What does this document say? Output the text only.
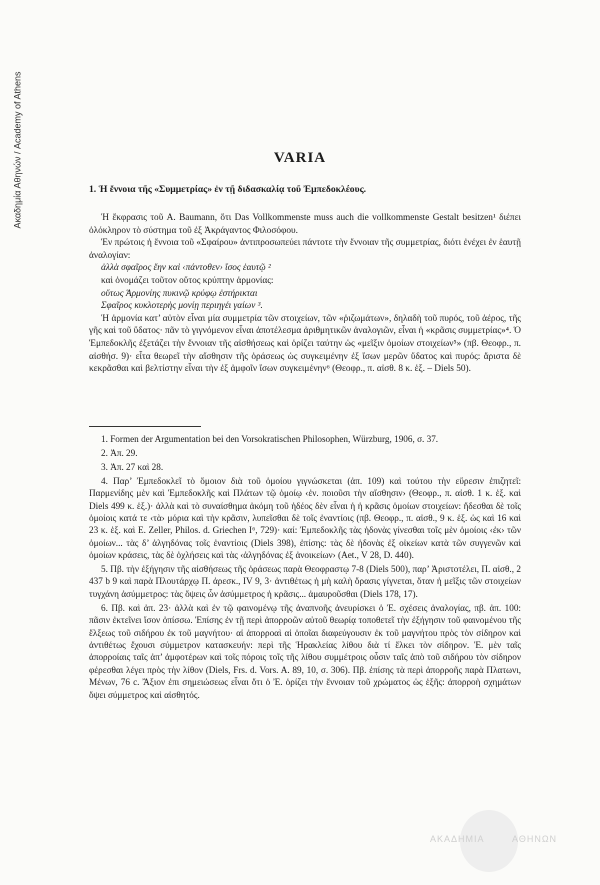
Ακαδημία Αθηνών / Academy of Athens	VARIA
1. Ἡ ἔννοια τῆς «Συμμετρίας» ἐν τῇ διδασκαλίᾳ τοῦ Ἐμπεδοκλέους.

Ἡ ἔκφρασις τοῦ A. Baumann, ὅτι Das Vollkommenste muss auch die vollkommenste Gestalt besitzen¹ διέπει ὁλόκληρον τὸ σύστημα τοῦ ἐξ Ἀκράγαντος Φιλοσόφου.

Ἐν πρώτοις ἡ ἔννοια τοῦ «Σφαίρου» ἀντιπροσωπεύει πάντοτε τὴν ἔννοιαν τῆς συμμετρίας, διότι ἐνέχει ἐν ἑαυτῇ ἀναλογίαν:

ἀλλὰ σφαῖρος ἔην καὶ ‹πάντοθεν› ἴσος ἑαυτῷ ²

καὶ ὀνομάζει τοῦτον οὕτος κρύπτην ἁρμονίας:

οὕτως Ἁρμονίης πυκινῷ κρύφῳ ἐστήρικται

Σφαῖρος κυκλοτερὴς μονίῃ περιηγέι γαίων ³.

Ἡ ἁρμονία κατ’ αὐτὸν εἶναι μία συμμετρία τῶν στοιχείων, τῶν «ῥιζωμάτων», δηλαδὴ τοῦ πυρός, τοῦ ἀέρος, τῆς γῆς καὶ τοῦ ὕδατος· πᾶν τὸ γιγνόμενον εἶναι ἀποτέλεσμα ἀριθμητικῶν ἀναλογιῶν, εἶναι ἡ «κρᾶσις συμμετρίας»⁴. Ὁ Ἐμπεδοκλῆς ἐξετάζει τὴν ἔννοιαν τῆς αἰσθήσεως καὶ ὁρίζει ταύτην ὡς «μεῖξιν ὁμοίων στοιχείων⁵» (πβ. Θεοφρ., π. αἰσθήσ. 9)· εἶτα θεωρεῖ τὴν αἴσθησιν τῆς ὁράσεως ὡς συγκειμένην ἐξ ἴσων μερῶν ὕδατος καὶ πυρός: ἄριστα δὲ κεκρᾶσθαι καὶ βελτίστην εἶναι τὴν ἐξ ἀμφοῖν ἴσων συγκειμένην⁶ (Θεοφρ., π. αἰσθ. 8 κ. ἑξ. – Diels 50).

1. Formen der Argumentation bei den Vorsokratischen Philosophen, Würzburg, 1906, σ. 37.

2. Ἀπ. 29.

3. Ἀπ. 27 καὶ 28.

4. Παρ’ Ἐμπεδοκλεῖ τὸ ὅμοιον διὰ τοῦ ὁμοίου γιγνώσκεται (ἀπ. 109) καὶ τούτου τὴν εὕρεσιν ἐπιζητεῖ: Παρμενίδης μὲν καὶ Ἐμπεδοκλῆς καὶ Πλάτων τῷ ὁμοίῳ ‹ἐν. ποιοῦσι τὴν αἴσθησιν› (Θεοφρ., π. αἰσθ. 1 κ. ἑξ. καὶ Diels 499 κ. ἑξ.)· ἀλλὰ καὶ τὸ συναίσθημα ἀκόμη τοῦ ἡδέος δὲν εἶναι ἡ ἡ κρᾶσις ὁμοίων στοιχείων: ἥδεσθαι δὲ τοῖς ὁμοίοις κατά τε ‹τὰ› μόρια καὶ τὴν κρᾶσιν, λυπεῖσθαι δὲ τοῖς ἐναντίοις (πβ. Θεοφρ., π. αἰσθ., 9 κ. ἑξ. ὡς καὶ 16 καὶ 23 κ. ἑξ. καὶ E. Zeller, Philos. d. Griechen I⁶, 729)· καί: Ἐμπεδοκλῆς τὰς ἡδονὰς γίνεσθαι τοῖς μὲν ὁμοίοις ‹ἐκ› τῶν ὁμοίων... τὰς δ’ ἀλγηδόνας τοῖς ἐναντίοις (Diels 398), ἐπίσης: τὰς δὲ ἡδονὰς ἐξ οἰκείων κατὰ τῶν συγγενῶν καὶ ὁμοίων κράσεις, τὰς δὲ ὀχλήσεις καὶ τὰς ‹ἀλγηδόνας ἐξ ἀνοικείων› (Aet., V 28, D. 440).

5. Πβ. τὴν ἐξήγησιν τῆς αἰσθήσεως τῆς ὁράσεως παρὰ Θεοφραστῳ 7-8 (Diels 500), παρ’ Ἀριστοτέλει, Π. αἰσθ., 2 437 b 9 καὶ παρὰ Πλουτάρχῳ Π. ἀρεσκ., IV 9, 3· ἀντιθέτως ἡ μὴ καλὴ ὅρασις γίγνεται, ὅταν ἡ μεῖξις τῶν στοιχείων τυγχάνη ἀσύμμετρος: τὰς ὄψεις ὧν ἀσύμμετρος ἡ κρᾶσις... ἀμαυροῦσθαι (Diels 178, 17).

6. Πβ. καὶ ἀπ. 23· ἀλλὰ καὶ ἐν τῷ φαινομένῳ τῆς ἀναπνοῆς ἀνευρίσκει ὁ Ἐ. σχέσεις ἀναλογίας, πβ. ἀπ. 100: πᾶσιν ἐκτεῖνει ἴσον ὀπίσσω. Ἐπίσης ἐν τῇ περὶ ἀπορροῶν αὐτοῦ θεωρίᾳ τοποθετεῖ τὴν ἐξήγησιν τοῦ φαινομένου τῆς ἕλξεως τοῦ σιδήρου ἐκ τοῦ μαγνήτου· αἱ ἀπορροαὶ αἱ ὁποῖαι διαφεύγουσιν ἐκ τοῦ μαγνήτου πρὸς τὸν σίδηρον καὶ ἀντιθέτως ἔχουσι σύμμετρον κατασκευήν: περὶ τῆς Ἡρακλείας λίθου διὰ τί ἕλκει τὸν σίδηρον. Ἐ. μὲν ταῖς ἀπορροίαις ταῖς ἀπ’ ἀμφοτέρων καὶ τοῖς πόροις τοῖς τῆς λίθου συμμέτροις οὖσιν ταῖς ἀπὸ τοῦ σιδήρου τὸν σίδηρον φέρεσθαι λέγει πρὸς τὴν λίθον (Diels, Frs. d. Vors. A. 89, 10, σ. 306). Πβ. ἐπίσης τὰ περὶ ἀπορροῆς παρὰ Πλατωνι, Μένων, 76 c. Ἄξιον ἐπι σημειώσεως εἶναι ὅτι ὁ Ἐ. ὁρίζει τὴν ἔννοιαν τοῦ χρώματος ὡς ἑξῆς: ἀπορροὴ σχημάτων ὄψει σύμμετρος καὶ αἰσθητός.

ΑΚΑΔΗΜΙΑ	ΑΘΗΝΩΝ
